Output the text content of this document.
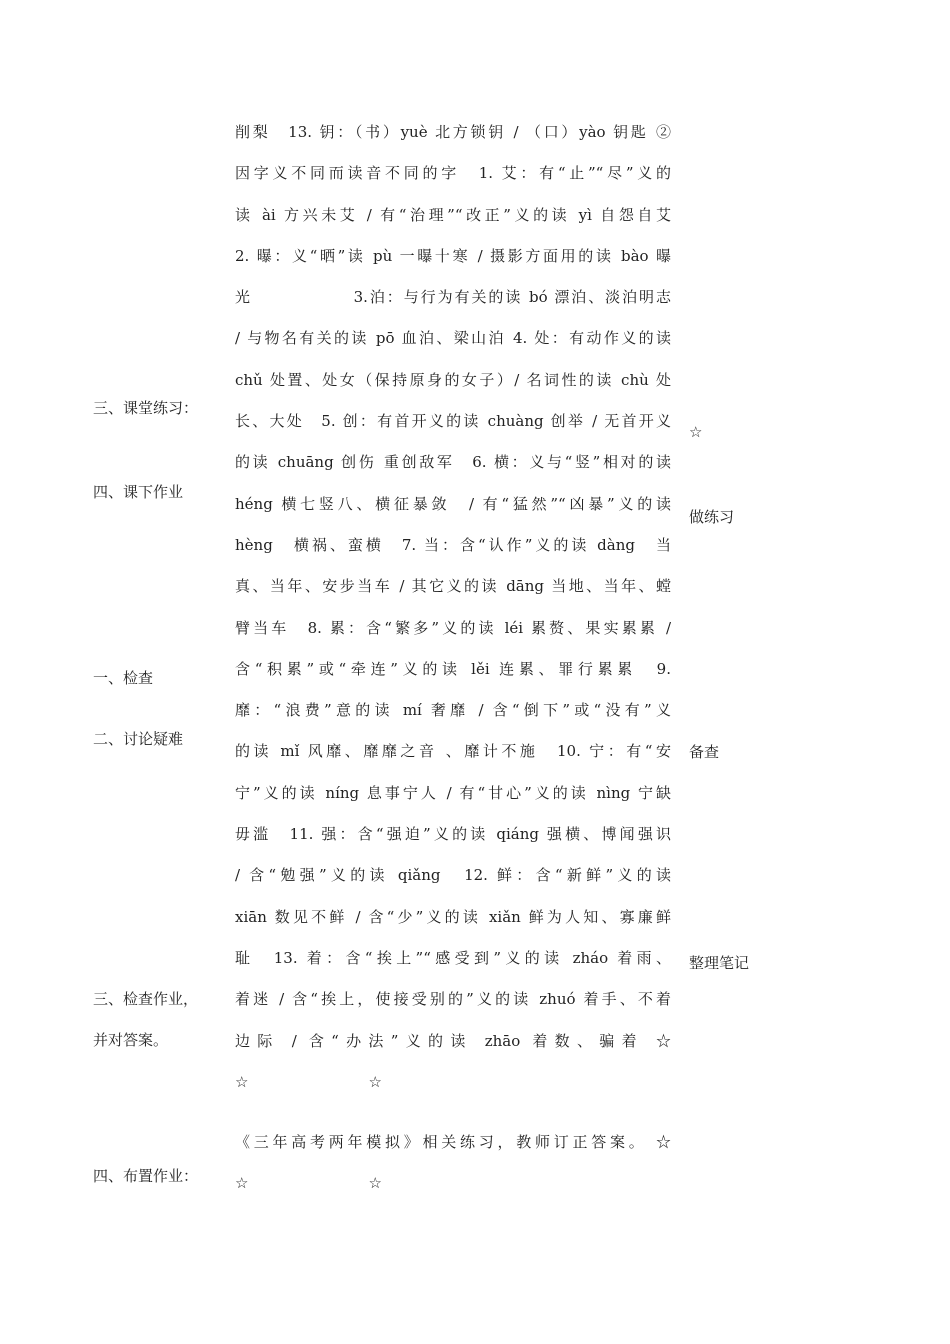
三、课堂练习：
四、课下作业
一、检查
二、讨论疑难
三、检查作业，
并对答案。
四、布置作业：
削梨　13. 钥：（书）yuè 北方锁钥 / （口）yào 钥匙 ②
因字义不同而读音不同的字　1. 艾：有“止”“尽”义的
读 ài 方兴未艾 / 有“治理”“改正”义的读 yì 自怨自艾
2. 曝：义“晒”读 pù 一曝十寒 / 摄影方面用的读 bào 曝
光　　　　　　3.泊：与行为有关的读 bó 漂泊、淡泊明志
/ 与物名有关的读 pō 血泊、梁山泊 4. 处：有动作义的读
chǔ 处置、处女（保持原身的女子）/ 名词性的读 chù 处
长、大处　5. 创：有首开义的读 chuàng 创举 / 无首开义
的读 chuāng 创伤 重创敌军　6. 横：义与“竖”相对的读
héng 横七竖八、横征暴敛　/ 有“猛然”“凶暴”义的读
hèng　横祸、蛮横　7. 当：含“认作”义的读 dàng　当
真、当年、安步当车 / 其它义的读 dāng 当地、当年、螳
臂当车　8. 累：含“繁多”义的读 léi 累赘、果实累累 /
含“积累”或“牵连”义的读 lěi 连累、罪行累累　9.
靡：“浪费”意的读 mí 奢靡 / 含“倒下”或“没有”义
的读 mǐ 风靡、靡靡之音 、靡计不施　10. 宁：有“安
宁”义的读 níng 息事宁人 / 有“甘心”义的读 nìng 宁缺
毋滥　11. 强：含“强迫”义的读 qiáng 强横、博闻强识
/ 含“勉强”义的读 qiǎng　12. 鲜：含“新鲜”义的读
xiān 数见不鲜 / 含“少”义的读 xiǎn 鲜为人知、寡廉鲜
耻　13. 着：含“挨上”“感受到”义的读 zháo 着雨、
着迷 / 含“挨上，使接受别的”义的读 zhuó 着手、不着
边际 / 含“办法”义的读 zhāo 着数、骗着 ☆
☆　　　　　　　　☆
《三年高考两年模拟》相关练习，教师订正答案。 ☆
☆　　　　　　　　☆
☆
做练习
备查
整理笔记
